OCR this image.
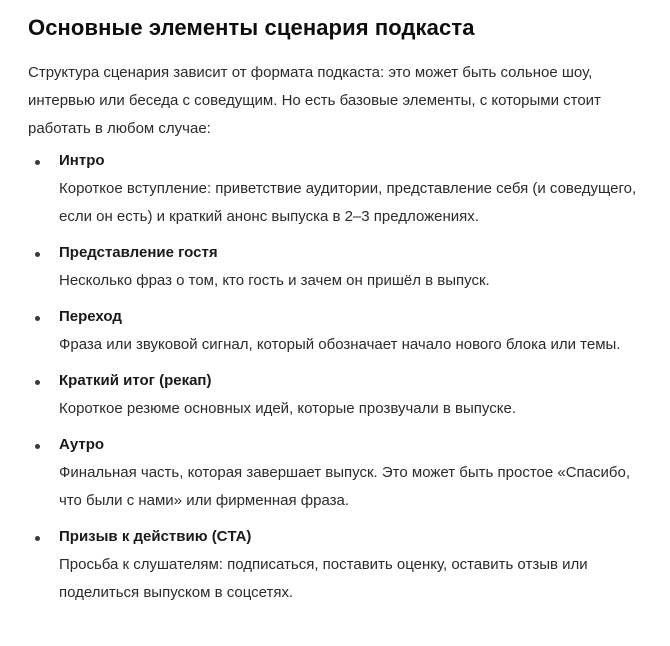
Основные элементы сценария подкаста

Структура сценария зависит от формата подкаста: это может быть сольное шоу, интервью или беседа с соведущим. Но есть базовые элементы, с которыми стоит работать в любом случае:

Интро
Короткое вступление: приветствие аудитории, представление себя (и соведущего, если он есть) и краткий анонс выпуска в 2–3 предложениях.
Представление гостя
Несколько фраз о том, кто гость и зачем он пришёл в выпуск.
Переход
Фраза или звуковой сигнал, который обозначает начало нового блока или темы.
Краткий итог (рекап)
Короткое резюме основных идей, которые прозвучали в выпуске.
Аутро
Финальная часть, которая завершает выпуск. Это может быть простое «Спасибо, что были с нами» или фирменная фраза.
Призыв к действию (CTA)
Просьба к слушателям: подписаться, поставить оценку, оставить отзыв или поделиться выпуском в соцсетях.
